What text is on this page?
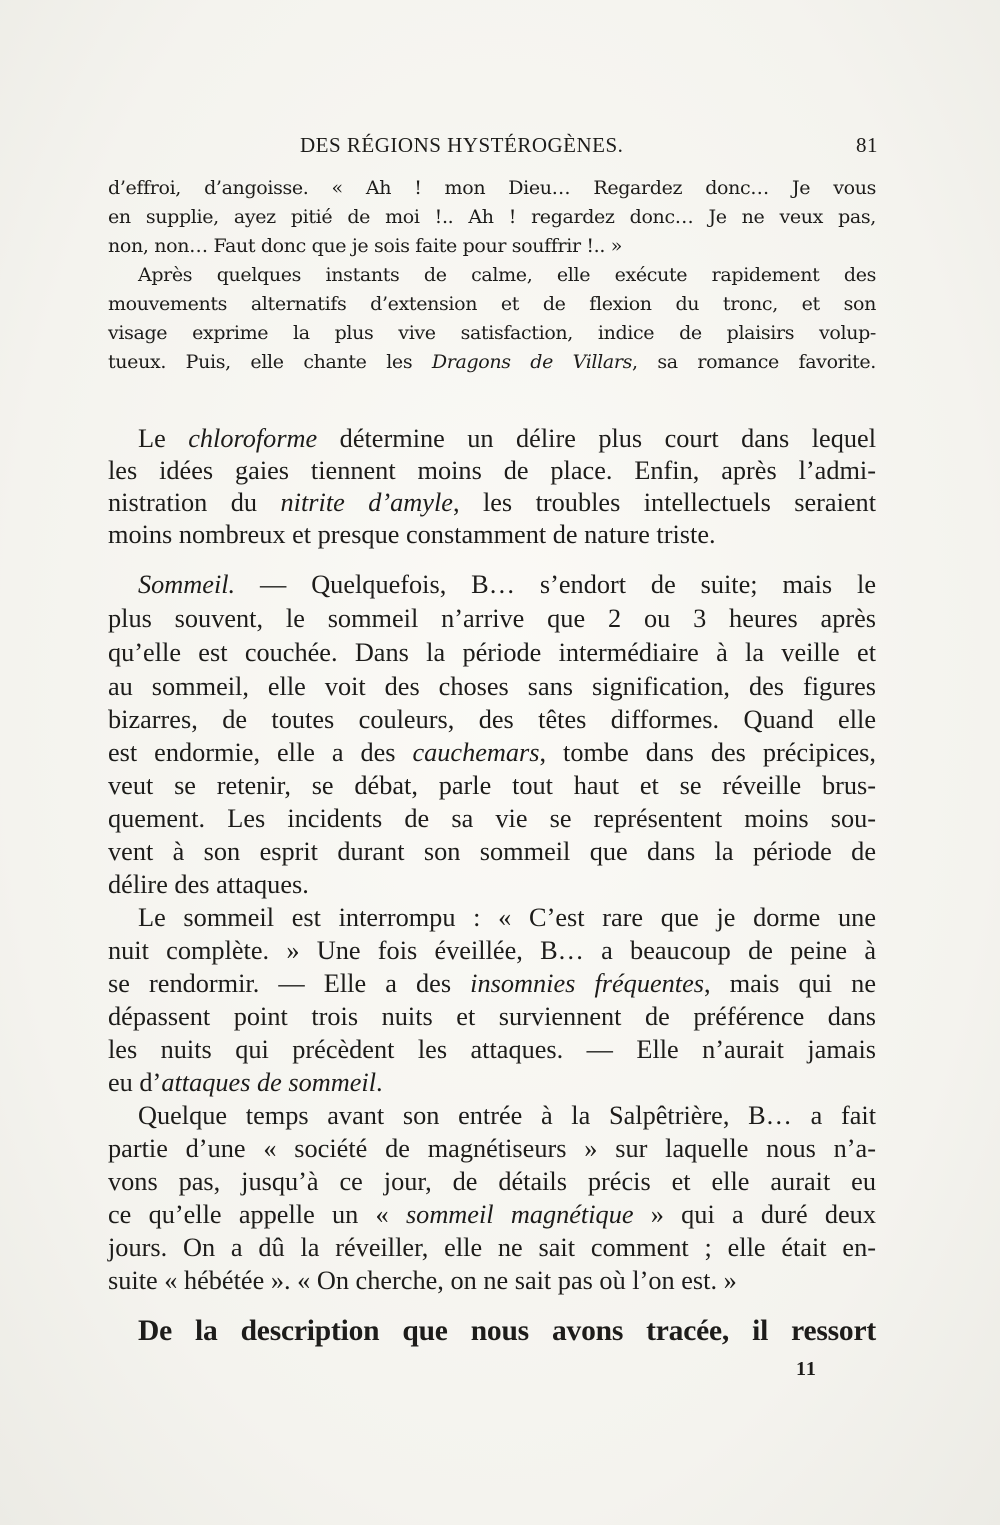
DES RÉGIONS HYSTÉROGÈNES.	81
d’effroi, d’angoisse. « Ah ! mon Dieu… Regardez donc… Je vous
en supplie, ayez pitié de moi !.. Ah ! regardez donc… Je ne veux pas,
non, non… Faut donc que je sois faite pour souffrir !.. »
Après quelques instants de calme, elle exécute rapidement des
mouvements alternatifs d’extension et de flexion du tronc, et son
visage exprime la plus vive satisfaction, indice de plaisirs volup-
tueux. Puis, elle chante les Dragons de Villars, sa romance favorite.
Le chloroforme détermine un délire plus court dans lequel
les idées gaies tiennent moins de place. Enfin, après l’admi-
nistration du nitrite d’amyle, les troubles intellectuels seraient
moins nombreux et presque constamment de nature triste.
Sommeil. — Quelquefois, B… s’endort de suite; mais le
plus souvent, le sommeil n’arrive que 2 ou 3 heures après
qu’elle est couchée. Dans la période intermédiaire à la veille et
au sommeil, elle voit des choses sans signification, des figures
bizarres, de toutes couleurs, des têtes difformes. Quand elle
est endormie, elle a des cauchemars, tombe dans des précipices,
veut se retenir, se débat, parle tout haut et se réveille brus-
quement. Les incidents de sa vie se représentent moins sou-
vent à son esprit durant son sommeil que dans la période de
délire des attaques.
Le sommeil est interrompu : « C’est rare que je dorme une
nuit complète. » Une fois éveillée, B… a beaucoup de peine à
se rendormir. — Elle a des insomnies fréquentes, mais qui ne
dépassent point trois nuits et surviennent de préférence dans
les nuits qui précèdent les attaques. — Elle n’aurait jamais
eu d’attaques de sommeil.
Quelque temps avant son entrée à la Salpêtrière, B… a fait
partie d’une « société de magnétiseurs » sur laquelle nous n’a-
vons pas, jusqu’à ce jour, de détails précis et elle aurait eu
ce qu’elle appelle un « sommeil magnétique » qui a duré deux
jours. On a dû la réveiller, elle ne sait comment ; elle était en-
suite « hébétée ». « On cherche, on ne sait pas où l’on est. »
De la description que nous avons tracée, il ressort
11
